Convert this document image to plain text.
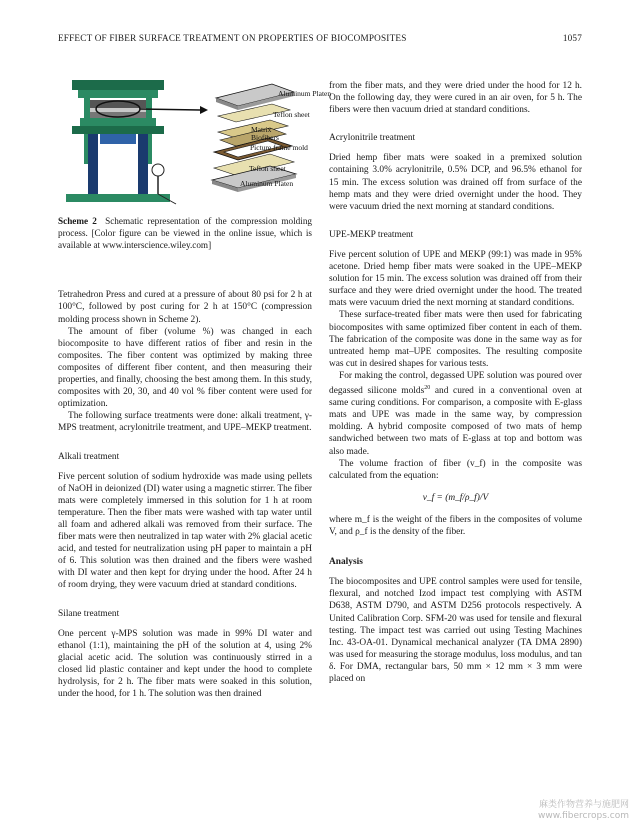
EFFECT OF FIBER SURFACE TREATMENT ON PROPERTIES OF BIOCOMPOSITES	1057
Aluminum Platen
Teflon sheet
Matrix
Biofibers
Picture frame mold
Teflon sheet
Aluminum Platen

Scheme 2 Schematic representation of the compression molding process. [Color figure can be viewed in the online issue, which is available at www.interscience.wiley.com]

Tetrahedron Press and cured at a pressure of about 80 psi for 2 h at 100°C, followed by post curing for 2 h at 150°C (compression molding process shown in Scheme 2).

The amount of fiber (volume %) was changed in each biocomposite to have different ratios of fiber and resin in the composites. The fiber content was optimized by making three composites of different fiber content, and then measuring their properties, and finally, choosing the best among them. In this study, composites with 20, 30, and 40 vol % fiber content were used for optimization.

The following surface treatments were done: alkali treatment, γ-MPS treatment, acrylonitrile treatment, and UPE–MEKP treatment.

Alkali treatment

Five percent solution of sodium hydroxide was made using pellets of NaOH in deionized (DI) water using a magnetic stirrer. The fiber mats were completely immersed in this solution for 1 h at room temperature. Then the fiber mats were washed with tap water until all foam and adhered alkali was removed from their surface. The fiber mats were then neutralized in tap water with 2% glacial acetic acid, and tested for neutralization using pH paper to maintain a pH of 6. This solution was then drained and the fibers were washed with DI water and then kept for drying under the hood. After 24 h of room drying, they were vacuum dried at standard conditions.

Silane treatment

One percent γ-MPS solution was made in 99% DI water and ethanol (1:1), maintaining the pH of the solution at 4, using 2% glacial acetic acid. The solution was continuously stirred in a closed lid plastic container and kept under the hood to complete hydrolysis, for 2 h. The fiber mats were soaked in this solution, under the hood, for 1 h. The solution was then drained

from the fiber mats, and they were dried under the hood for 12 h. On the following day, they were cured in an air oven, for 5 h. The fibers were then vacuum dried at standard conditions.

Acrylonitrile treatment

Dried hemp fiber mats were soaked in a premixed solution containing 3.0% acrylonitrile, 0.5% DCP, and 96.5% ethanol for 15 min. The excess solution was drained off from surface of the hemp mats and they were dried overnight under the hood. They were vacuum dried the next morning at standard conditions.

UPE-MEKP treatment

Five percent solution of UPE and MEKP (99:1) was made in 95% acetone. Dried hemp fiber mats were soaked in the UPE–MEKP solution for 15 min. The excess solution was drained off from their surface and they were dried overnight under the hood. The treated mats were vacuum dried the next morning at standard conditions.

These surface-treated fiber mats were then used for fabricating biocomposites with same optimized fiber content in each of them. The fabrication of the composite was done in the same way as for untreated hemp mat–UPE composites. The resulting composite was cut in desired shapes for various tests.

For making the control, degassed UPE solution was poured over degassed silicone molds$^{20}$ and cured in a conventional oven at same curing conditions. For comparison, a composite with E-glass mats and UPE was made in the same way, by compression molding. A hybrid composite composed of two mats of hemp sandwiched between two mats of E-glass at top and bottom was also made.

The volume fraction of fiber (v_f) in the composite was calculated from the equation:

v_f = (m_f/ρ_f)/V

where m_f is the weight of the fibers in the composites of volume V, and ρ_f is the density of the fiber.

Analysis

The biocomposites and UPE control samples were used for tensile, flexural, and notched Izod impact test complying with ASTM D638, ASTM D790, and ASTM D256 protocols respectively. A United Calibration Corp. SFM-20 was used for tensile and flexural testing. The impact test was carried out using Testing Machines Inc. 43-OA-01. Dynamical mechanical analyzer (TA DMA 2890) was used for measuring the storage modulus, loss modulus, and tan δ. For DMA, rectangular bars, 50 mm × 12 mm × 3 mm were placed on

麻类作物营养与施肥网
www.fibercrops.com
